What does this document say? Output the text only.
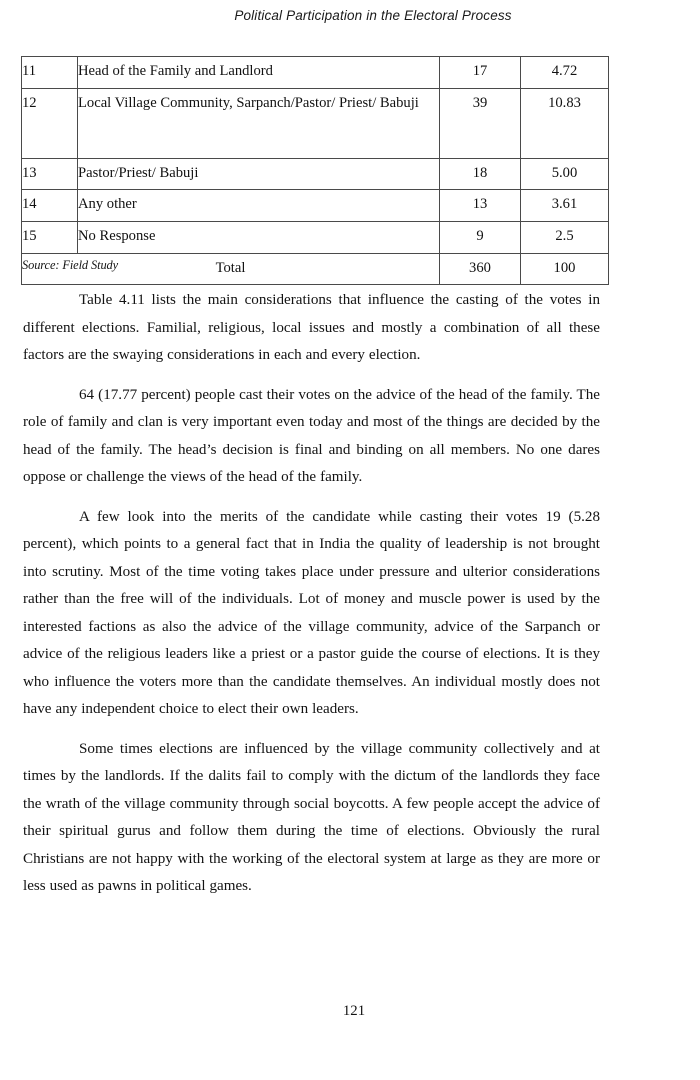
Political Participation in the Electoral Process
11	Head of the Family and Landlord	17	4.72
12	Local Village Community, Sarpanch/Pastor/ Priest/ Babuji	39	10.83
13	Pastor/Priest/ Babuji	18	5.00
14	Any other	13	3.61
15	No Response	9	2.5
Total		360	100
Source: Field Study

Table 4.11 lists the main considerations that influence the casting of the votes in different elections. Familial, religious, local issues and mostly a combination of all these factors are the swaying considerations in each and every election.

64 (17.77 percent) people cast their votes on the advice of the head of the family. The role of family and clan is very important even today and most of the things are decided by the head of the family. The head’s decision is final and binding on all members. No one dares oppose or challenge the views of the head of the family.

A few look into the merits of the candidate while casting their votes 19 (5.28 percent), which points to a general fact that in India the quality of leadership is not brought into scrutiny. Most of the time voting takes place under pressure and ulterior considerations rather than the free will of the individuals. Lot of money and muscle power is used by the interested factions as also the advice of the village community, advice of the Sarpanch or advice of the religious leaders like a priest or a pastor guide the course of elections. It is they who influence the voters more than the candidate themselves. An individual mostly does not have any independent choice to elect their own leaders.

Some times elections are influenced by the village community collectively and at times by the landlords. If the dalits fail to comply with the dictum of the landlords they face the wrath of the village community through social boycotts. A few people accept the advice of their spiritual gurus and follow them during the time of elections. Obviously the rural Christians are not happy with the working of the electoral system at large as they are more or less used as pawns in political games.

121
